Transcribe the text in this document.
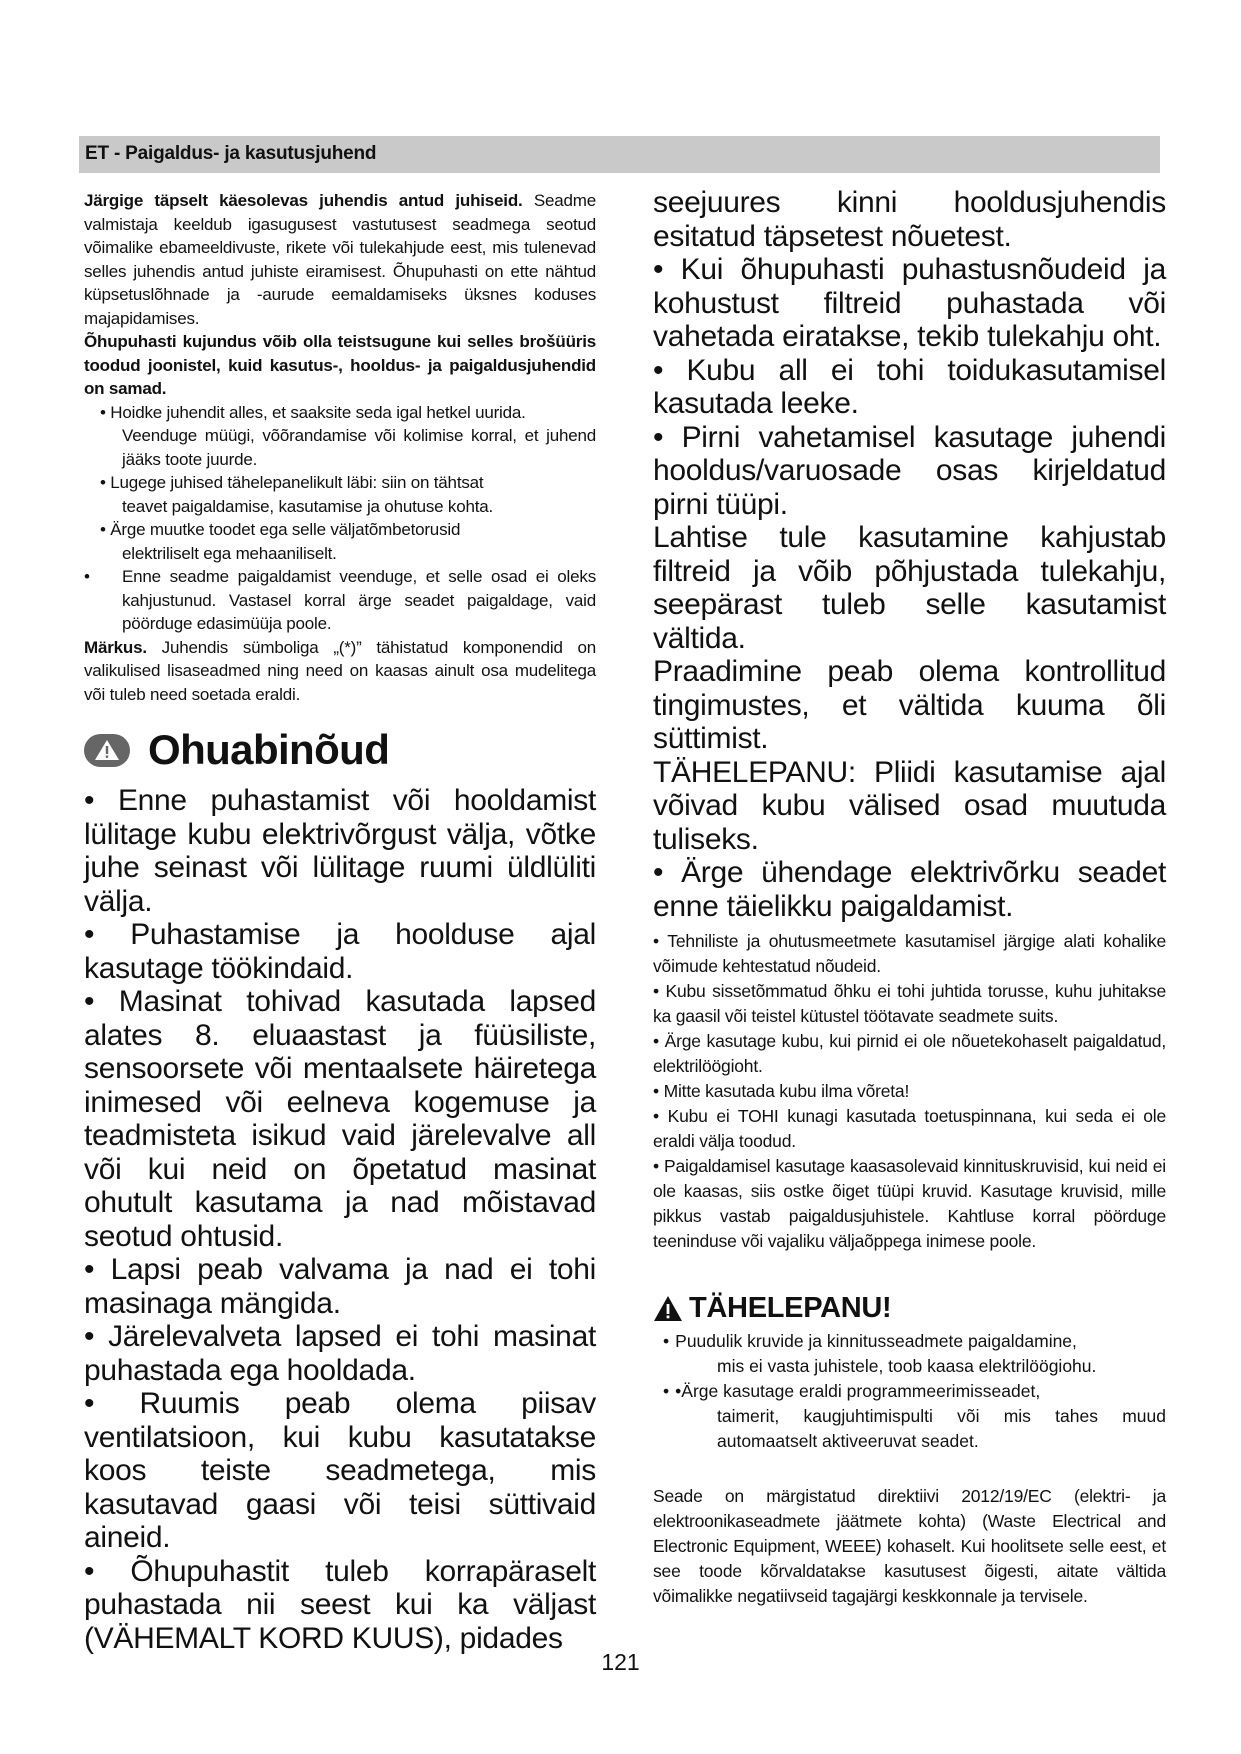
ET - Paigaldus- ja kasutusjuhend

Järgige täpselt käesolevas juhendis antud juhiseid. Seadme valmistaja keeldub igasugusest vastutusest seadmega seotud võimalike ebameeldivuste, rikete või tulekahjude eest, mis tulenevad selles juhendis antud juhiste eiramisest. Õhupuhasti on ette nähtud küpsetuslõhnade ja -aurude eemaldamiseks üksnes koduses majapidamises.

Õhupuhasti kujundus võib olla teistsugune kui selles brošüüris toodud joonistel, kuid kasutus-, hooldus- ja paigaldusjuhendid on samad.

• Hoidke juhendit alles, et saaksite seda igal hetkel uurida.
Veenduge müügi, võõrandamise või kolimise korral, et juhend jääks toote juurde.

• Lugege juhised tähelepanelikult läbi: siin on tähtsat
teavet paigaldamise, kasutamise ja ohutuse kohta.

• Ärge muutke toodet ega selle väljatõmbetorusid
elektriliselt ega mehaaniliselt.

• Enne seadme paigaldamist veenduge, et selle osad ei oleks kahjustunud. Vastasel korral ärge seadet paigaldage, vaid pöörduge edasimüüja poole.

Märkus. Juhendis sümboliga „(*)” tähistatud komponendid on valikulised lisaseadmed ning need on kaasas ainult osa mudelitega või tuleb need soetada eraldi.

Ohuabinõud

• Enne puhastamist või hooldamist lülitage kubu elektrivõrgust välja, võtke juhe seinast või lülitage ruumi üldlüliti välja.

• Puhastamise ja hoolduse ajal kasutage töökindaid.

• Masinat tohivad kasutada lapsed alates 8. eluaastast ja füüsiliste, sensoorsete või mentaalsete häiretega inimesed või eelneva kogemuse ja teadmisteta isikud vaid järelevalve all või kui neid on õpetatud masinat ohutult kasutama ja nad mõistavad seotud ohtusid.

• Lapsi peab valvama ja nad ei tohi masinaga mängida.

• Järelevalveta lapsed ei tohi masinat puhastada ega hooldada.

• Ruumis peab olema piisav ventilatsioon, kui kubu kasutatakse koos teiste seadmetega, mis kasutavad gaasi või teisi süttivaid aineid.

• Õhupuhastit tuleb korrapäraselt puhastada nii seest kui ka väljast (VÄHEMALT KORD KUUS), pidades

seejuures kinni hooldusjuhendis esitatud täpsetest nõuetest.

• Kui õhupuhasti puhastusnõudeid ja kohustust filtreid puhastada või vahetada eiratakse, tekib tulekahju oht.

• Kubu all ei tohi toidukasutamisel kasutada leeke.

• Pirni vahetamisel kasutage juhendi hooldus/varuosade osas kirjeldatud pirni tüüpi.

Lahtise tule kasutamine kahjustab filtreid ja võib põhjustada tulekahju, seepärast tuleb selle kasutamist vältida.

Praadimine peab olema kontrollitud tingimustes, et vältida kuuma õli süttimist.

TÄHELEPANU: Pliidi kasutamise ajal võivad kubu välised osad muutuda tuliseks.

• Ärge ühendage elektrivõrku seadet enne täielikku paigaldamist.

• Tehniliste ja ohutusmeetmete kasutamisel järgige alati kohalike võimude kehtestatud nõudeid.

• Kubu sissetõmmatud õhku ei tohi juhtida torusse, kuhu juhitakse ka gaasil või teistel kütustel töötavate seadmete suits.

• Ärge kasutage kubu, kui pirnid ei ole nõuetekohaselt paigaldatud, elektrilöögioht.

• Mitte kasutada kubu ilma võreta!

• Kubu ei TOHI kunagi kasutada toetuspinnana, kui seda ei ole eraldi välja toodud.

• Paigaldamisel kasutage kaasasolevaid kinnituskruvisid, kui neid ei ole kaasas, siis ostke õiget tüüpi kruvid. Kasutage kruvisid, mille pikkus vastab paigaldusjuhistele. Kahtluse korral pöörduge teeninduse või vajaliku väljaõppega inimese poole.

TÄHELEPANU!

• Puudulik kruvide ja kinnitusseadmete paigaldamine,
mis ei vasta juhistele, toob kaasa elektrilöögiohu.

• •Ärge kasutage eraldi programmeerimisseadet,
taimerit, kaugjuhtimispulti või mis tahes muud automaatselt aktiveeruvat seadet.

Seade on märgistatud direktiivi 2012/19/EC (elektri- ja elektroonikaseadmete jäätmete kohta) (Waste Electrical and Electronic Equipment, WEEE) kohaselt. Kui hoolitsete selle eest, et see toode kõrvaldatakse kasutusest õigesti, aitate vältida võimalikke negatiivseid tagajärgi keskkonnale ja tervisele.

121
